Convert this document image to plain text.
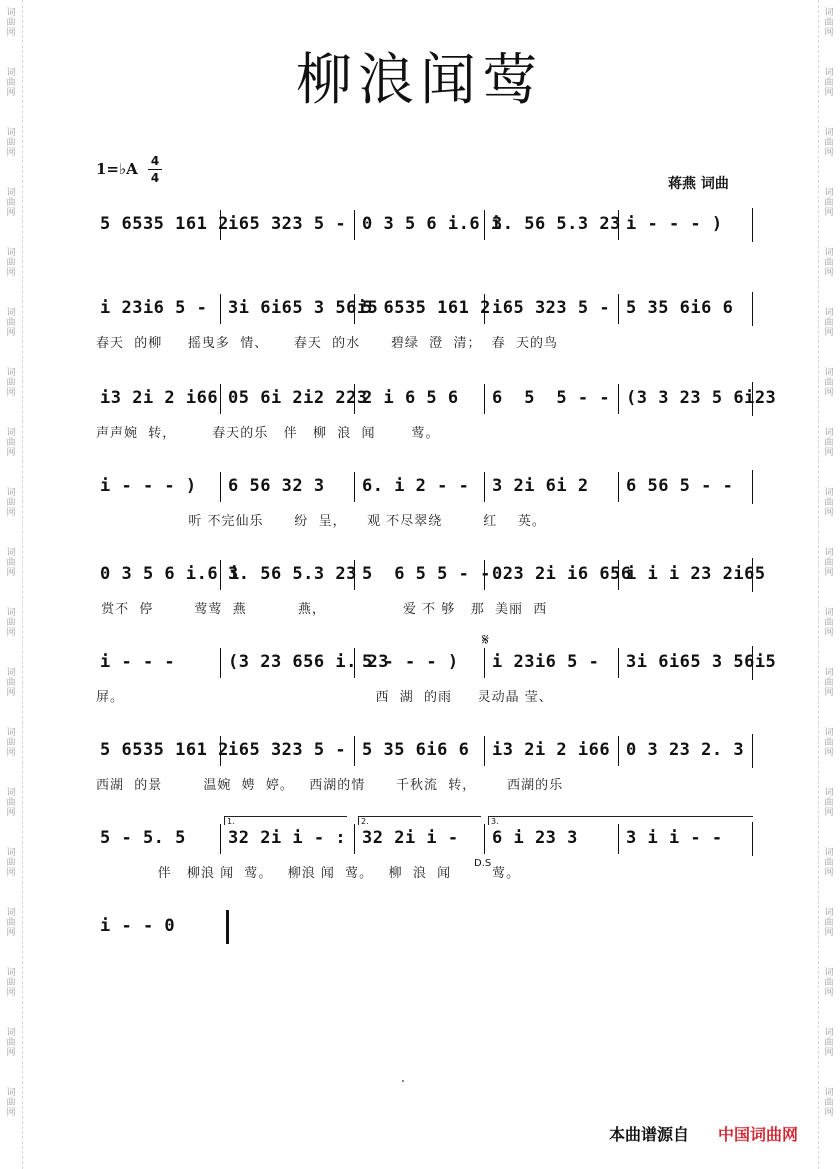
词曲网
词曲网
词曲网
词曲网
词曲网
词曲网
词曲网
词曲网
词曲网
词曲网
词曲网
词曲网
词曲网
词曲网
词曲网
词曲网
词曲网
词曲网
词曲网
词曲网
词曲网
词曲网
词曲网
词曲网
词曲网
词曲网
词曲网
词曲网
词曲网
词曲网
词曲网
词曲网
词曲网
词曲网
词曲网
词曲网
词曲网
词曲网
柳浪闻莺
1=♭A 4
4	蒋燕 词曲
5 6535 161 2 i65 323 5 - 0 3 5 6 i.6 i
3. 56 5.3 23 i - - - )
i 23i6 5 -	3i 6i65 3 56i5
5 6535 161 2 i65 323 5 - 5 35 6i6 6
春天  的柳     摇曳多  情、     春天  的水      碧绿  澄  清；  春  天的鸟
i3 2i 2 i66 05 6i 2i2 223
2 i 6 5 6	6  5  5 - - (3 3 23 5 6i23
声声婉  转，       春天的乐   伴   柳  浪  闻       莺。
i - - - )	6 56 32 3	6. i 2 - -	3 2i 6i 2	6 56 5 - -
听 不完仙乐      纷  呈，    观 不尽翠绕        红    英。
0 3 5 6 i.6 i
3. 56 5.3 23 5  6 5 5 - - 023 2i i6 656
i i i 23 2i65
赏不  停        莺莺  燕          燕，               爱 不 够   那  美丽  西
i - - -	(3 23 656 i. 23
5 - - - )	i 23i6 5 -	3i 6i65 3 56i5
屏。                                                 西  湖  的雨     灵动晶 莹、
𝄋
5 6535 161 2 i65 323 5 - 5 35 6i6 6	i3 2i 2 i66 0 3 23 2. 3
西湖  的景        温婉  娉  婷。   西湖的情      千秋流  转，      西湖的乐
5 - 5. 5	32 2i i - : 32 2i i -	6 i 23 3	3 i i - -
伴   柳浪 闻  莺。   柳浪 闻  莺。   柳  浪  闻        莺。
1.	2.	3.
D.S
i - - 0
本曲谱源自 中国词曲网
